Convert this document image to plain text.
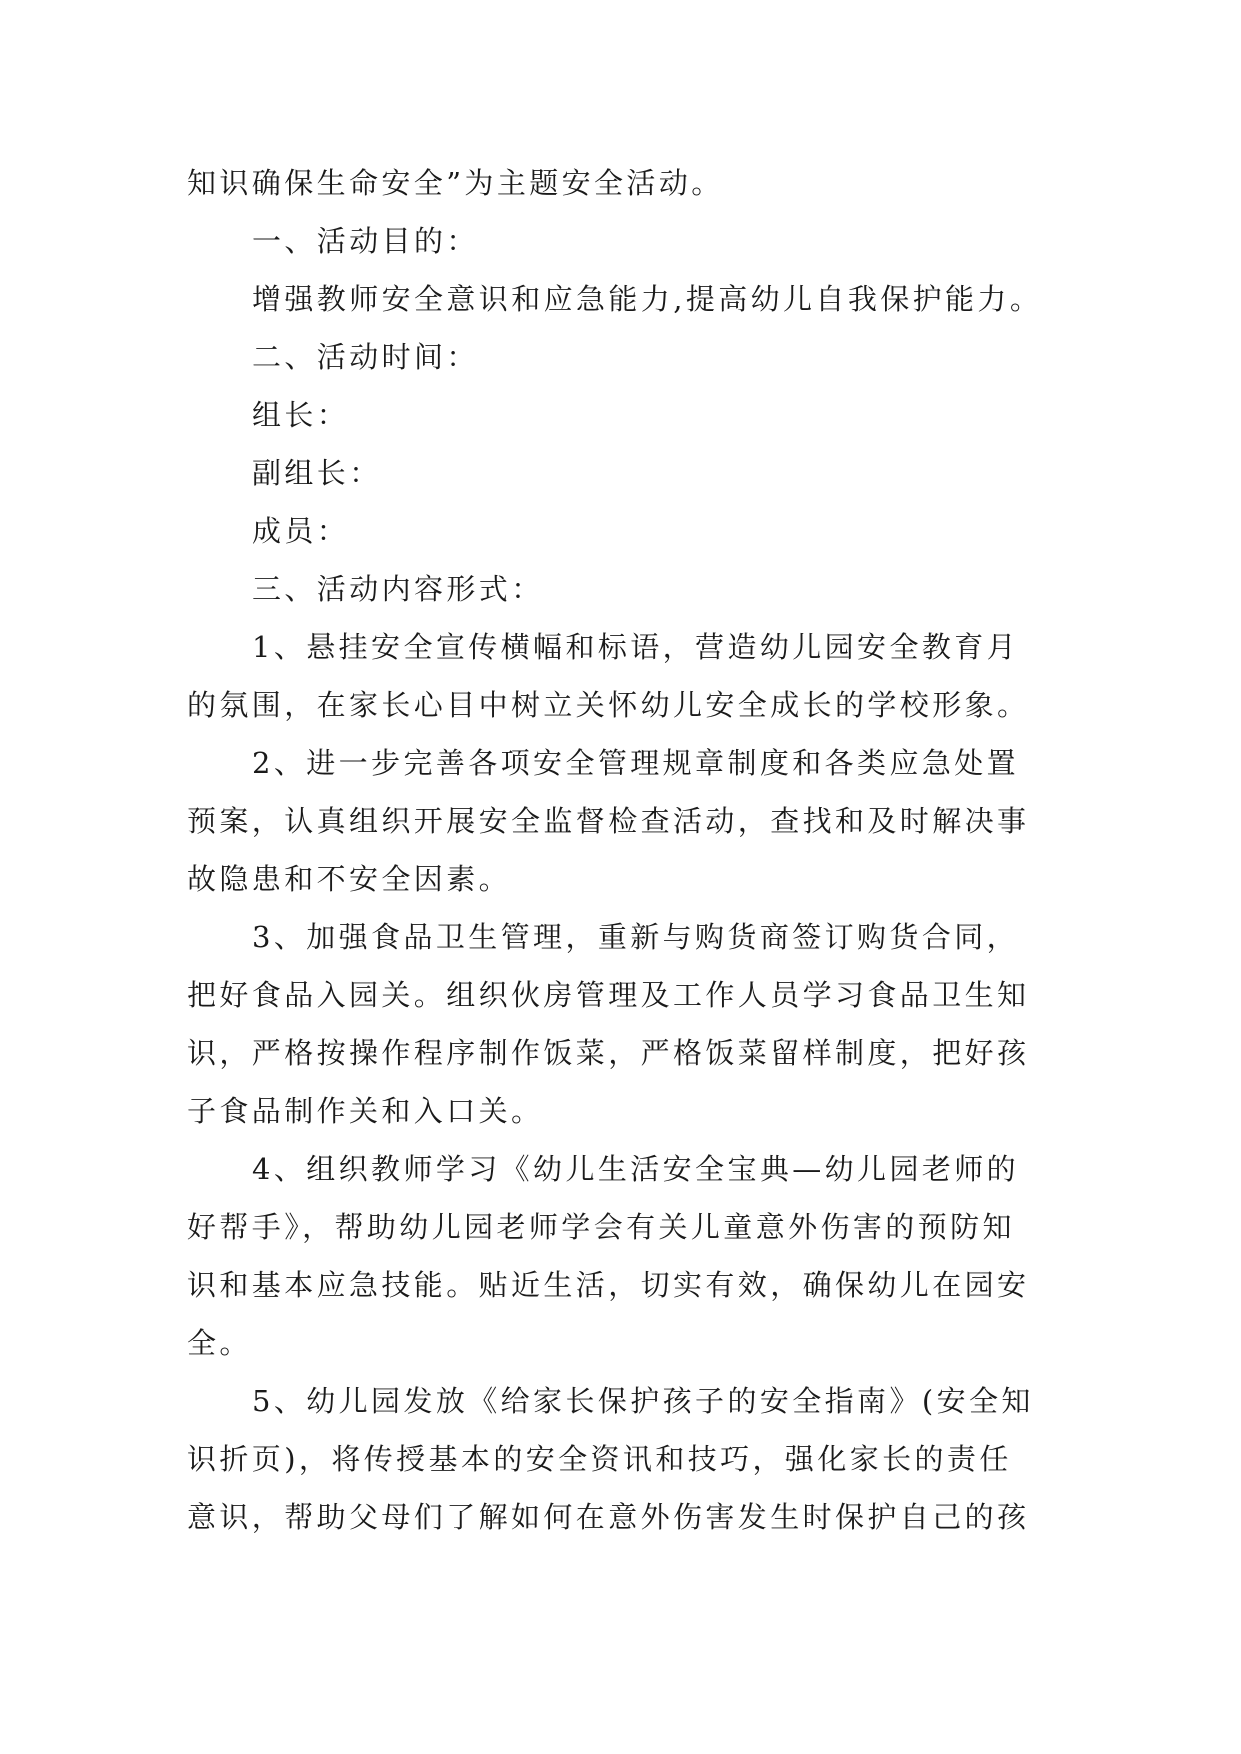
知识确保生命安全”为主题安全活动。
一、活动目的：
增强教师安全意识和应急能力,提高幼儿自我保护能力。
二、活动时间：
组长：
副组长：
成员：
三、活动内容形式：
1、悬挂安全宣传横幅和标语，营造幼儿园安全教育月
的氛围，在家长心目中树立关怀幼儿安全成长的学校形象。
2、进一步完善各项安全管理规章制度和各类应急处置
预案，认真组织开展安全监督检查活动，查找和及时解决事
故隐患和不安全因素。
3、加强食品卫生管理，重新与购货商签订购货合同，
把好食品入园关。组织伙房管理及工作人员学习食品卫生知
识，严格按操作程序制作饭菜，严格饭菜留样制度，把好孩
子食品制作关和入口关。
4、组织教师学习《幼儿生活安全宝典—幼儿园老师的
好帮手》，帮助幼儿园老师学会有关儿童意外伤害的预防知
识和基本应急技能。贴近生活，切实有效，确保幼儿在园安
全。
5、幼儿园发放《给家长保护孩子的安全指南》(安全知
识折页)，将传授基本的安全资讯和技巧，强化家长的责任
意识，帮助父母们了解如何在意外伤害发生时保护自己的孩
